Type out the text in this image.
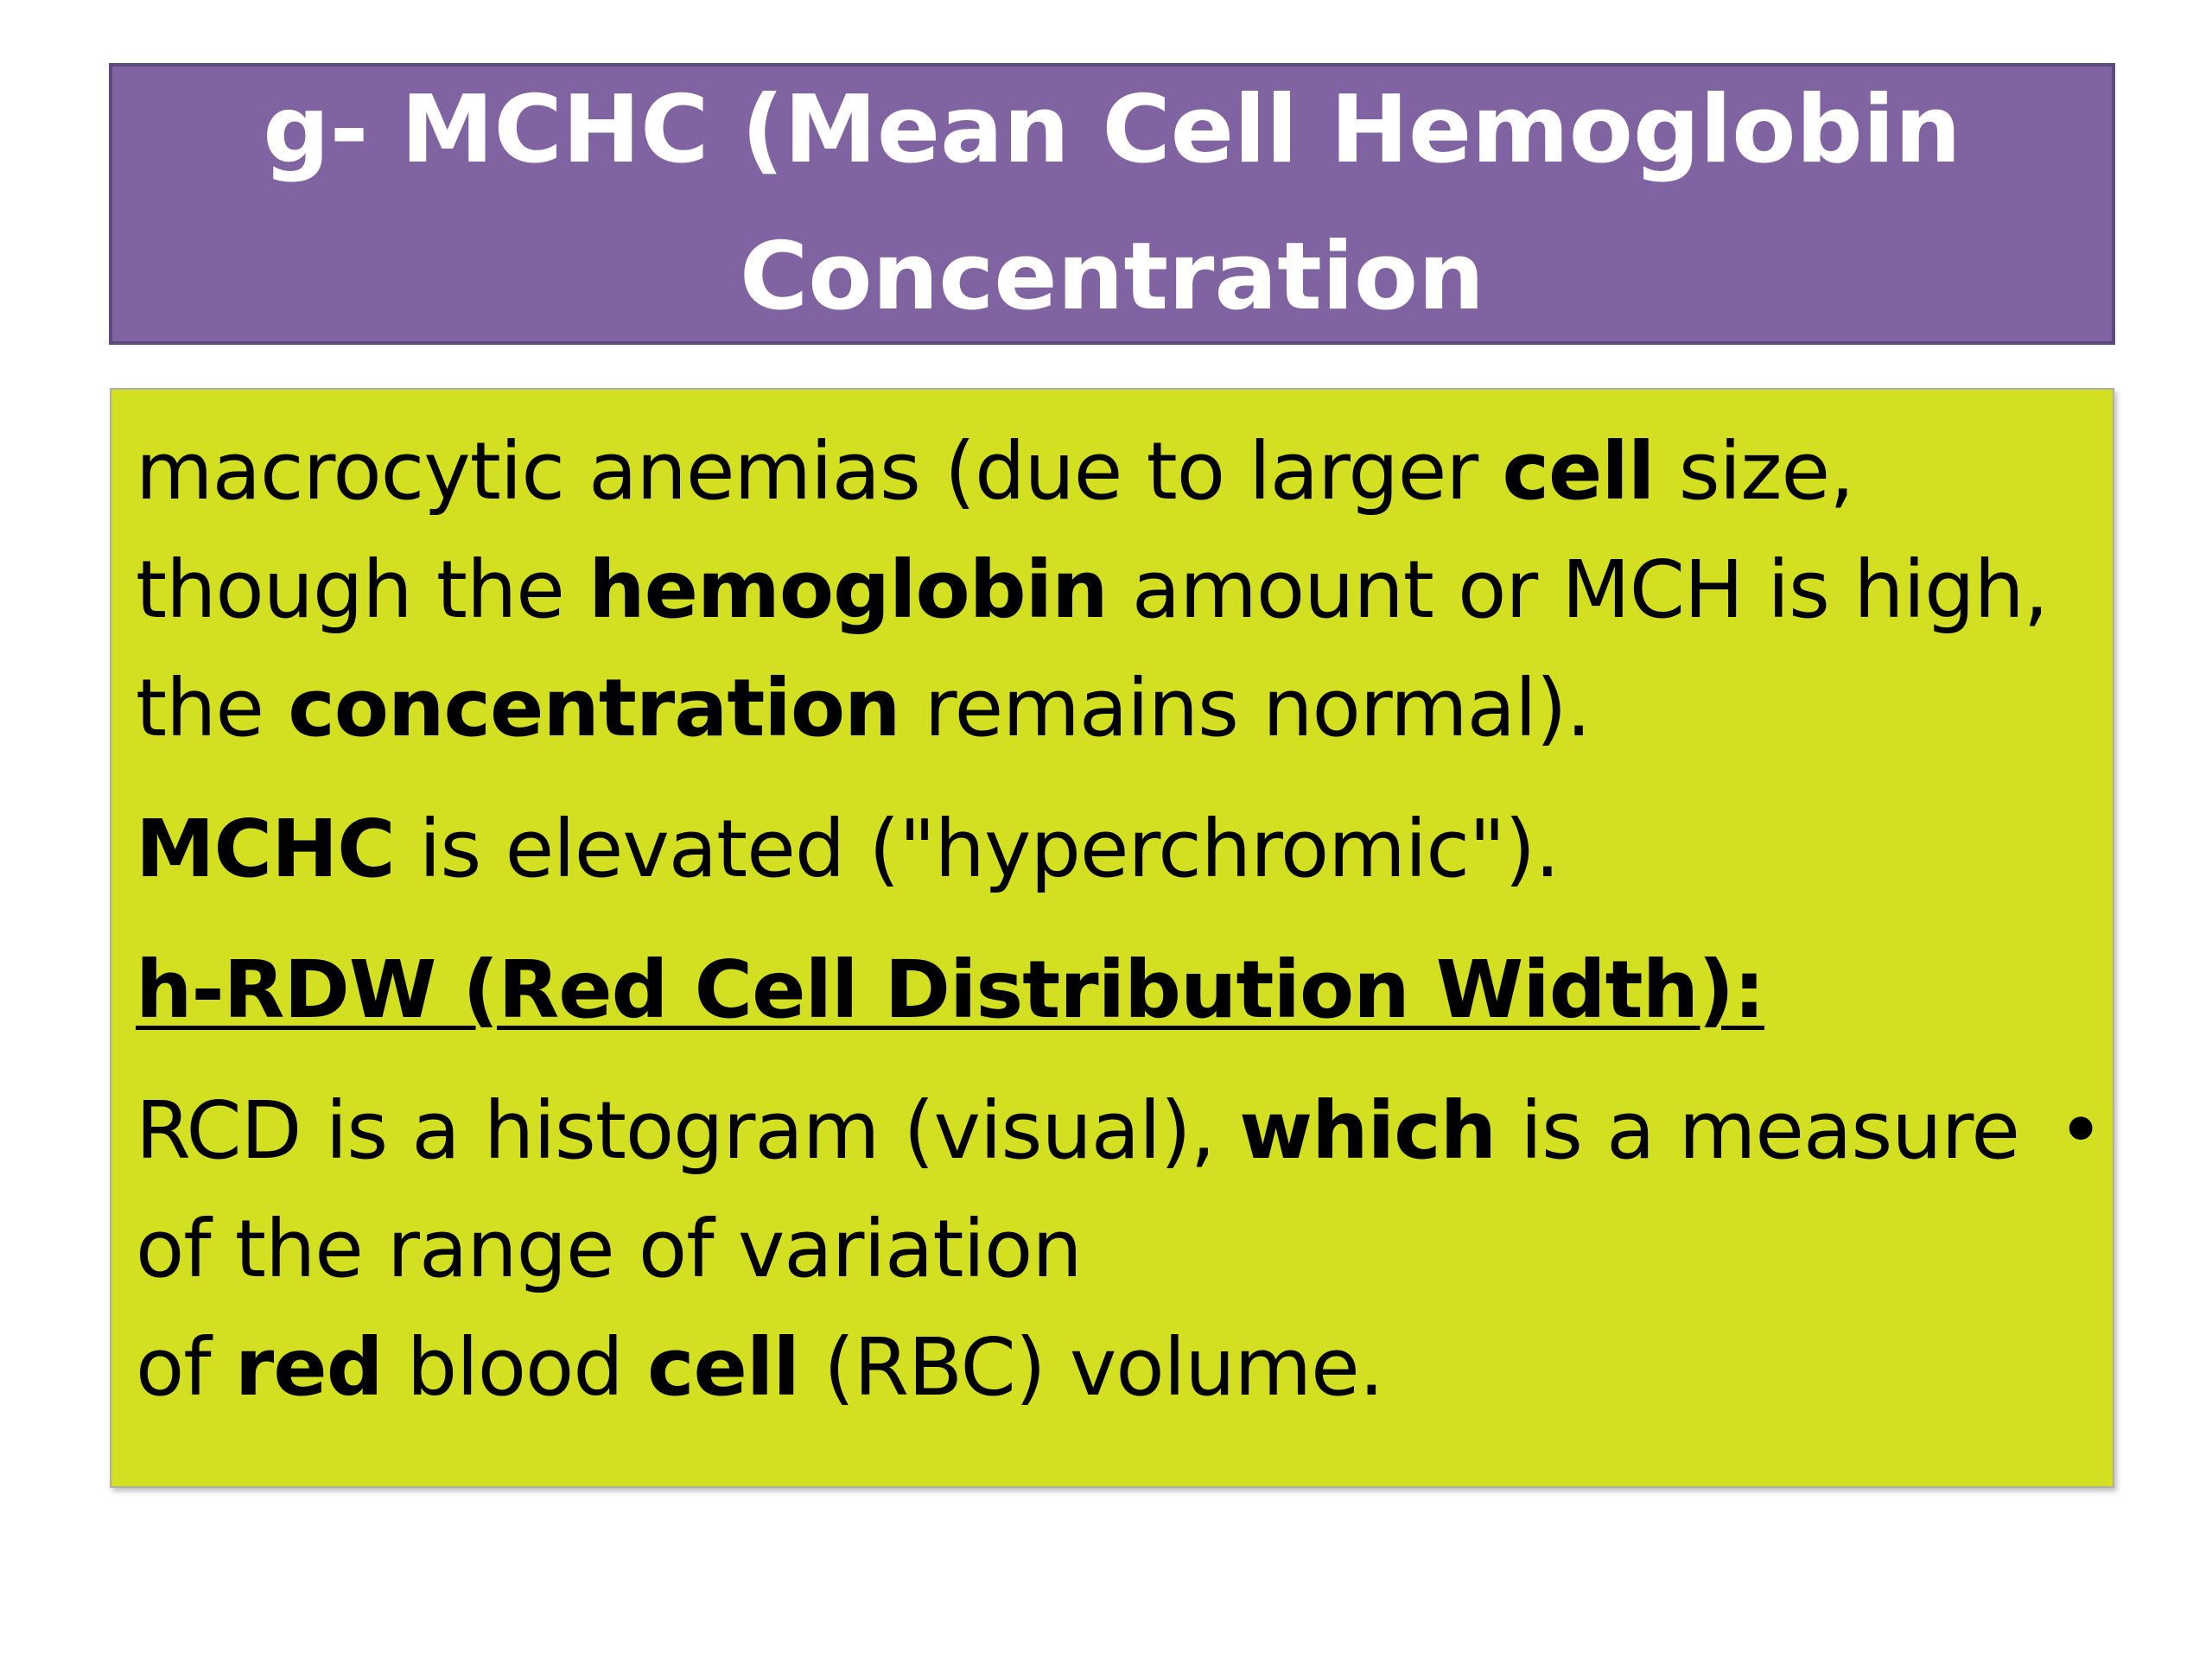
g- MCHC (Mean Cell Hemoglobin
Concentration

macrocytic anemias (due to larger cell size,
though the hemoglobin amount or MCH is high,
the concentration remains normal).

MCHC is elevated ("hyperchromic").

h-RDW (Red Cell Distribution Width):

RCD is a histogram (visual), which is a measure •

of the range of variation
of red blood cell (RBC) volume.
